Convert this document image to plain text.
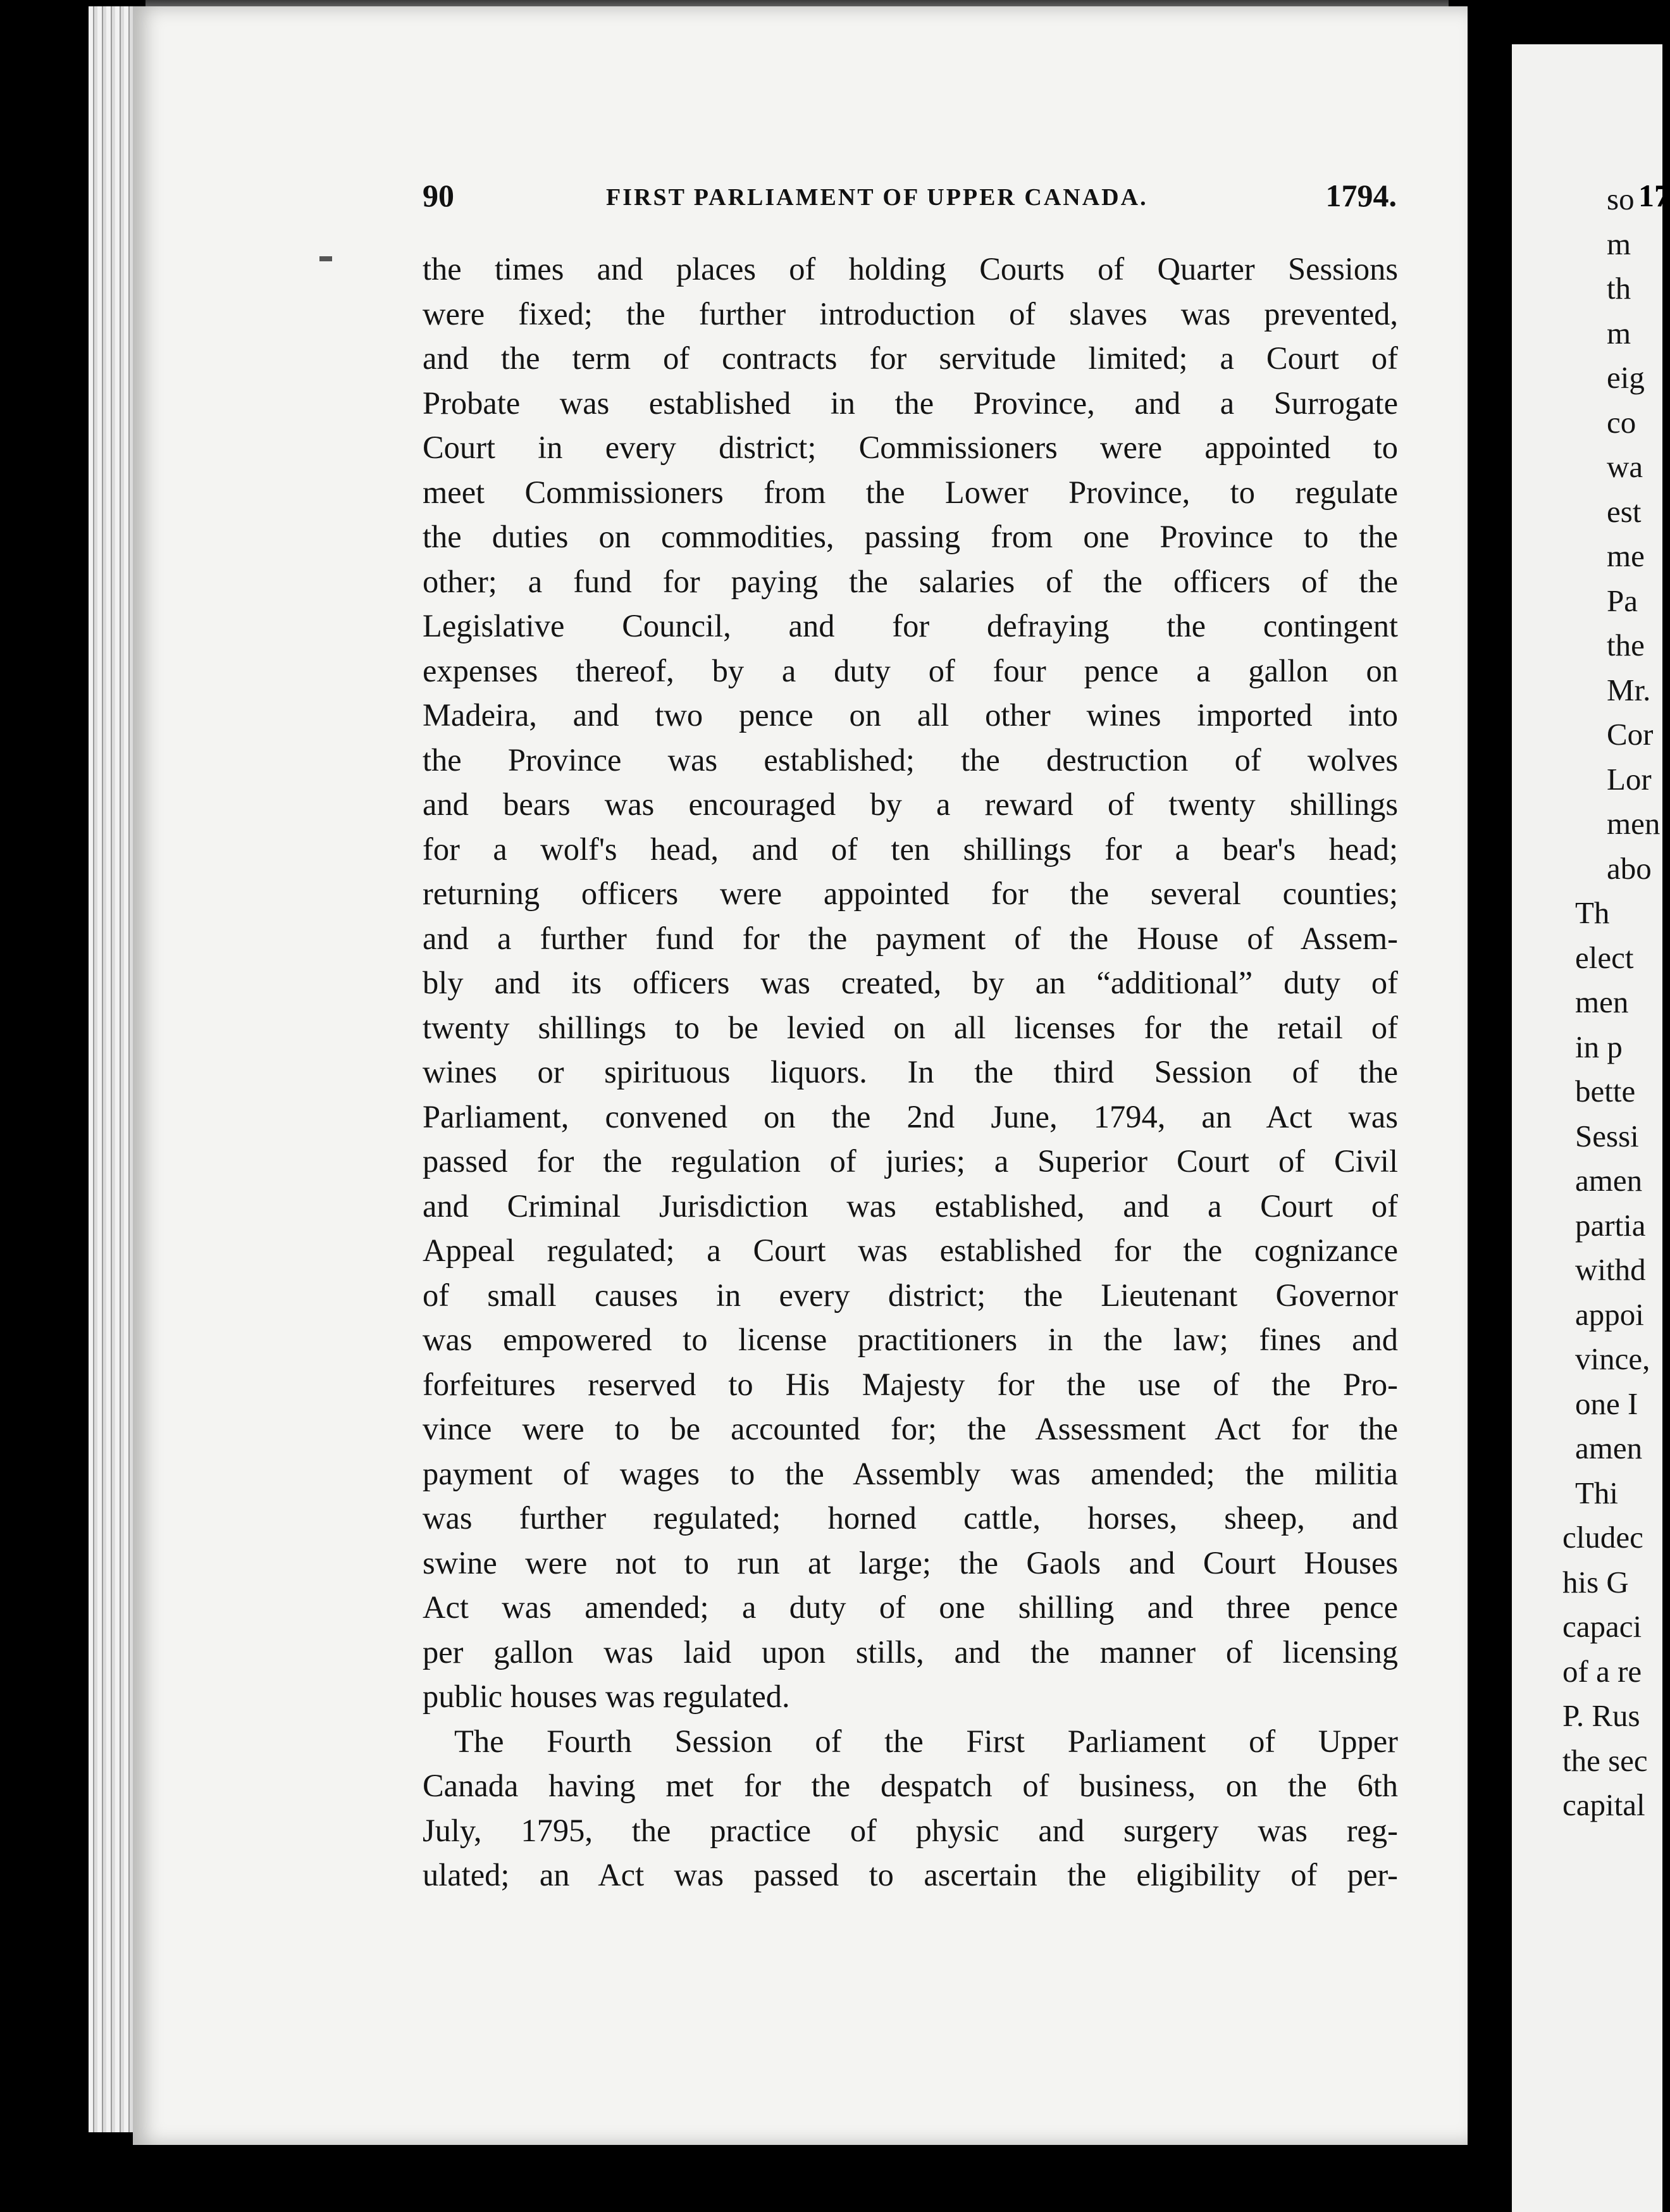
90	FIRST PARLIAMENT OF UPPER CANADA.	1794.
the times and places of holding Courts of Quarter Sessions
were fixed; the further introduction of slaves was prevented,
and the term of contracts for servitude limited; a Court of
Probate was established in the Province, and a Surrogate
Court in every district; Commissioners were appointed to
meet Commissioners from the Lower Province, to regulate
the duties on commodities, passing from one Province to the
other; a fund for paying the salaries of the officers of the
Legislative Council, and for defraying the contingent
expenses thereof, by a duty of four pence a gallon on
Madeira, and two pence on all other wines imported into
the Province was established; the destruction of wolves
and bears was encouraged by a reward of twenty shillings
for a wolf's head, and of ten shillings for a bear's head;
returning officers were appointed for the several counties;
and a further fund for the payment of the House of Assem-
bly and its officers was created, by an “additional” duty of
twenty shillings to be levied on all licenses for the retail of
wines or spirituous liquors. In the third Session of the
Parliament, convened on the 2nd June, 1794, an Act was
passed for the regulation of juries; a Superior Court of Civil
and Criminal Jurisdiction was established, and a Court of
Appeal regulated; a Court was established for the cognizance
of small causes in every district; the Lieutenant Governor
was empowered to license practitioners in the law; fines and
forfeitures reserved to His Majesty for the use of the Pro-
vince were to be accounted for; the Assessment Act for the
payment of wages to the Assembly was amended; the militia
was further regulated; horned cattle, horses, sheep, and
swine were not to run at large; the Gaols and Court Houses
Act was amended; a duty of one shilling and three pence
per gallon was laid upon stills, and the manner of licensing
public houses was regulated.
The Fourth Session of the First Parliament of Upper
Canada having met for the despatch of business, on the 6th
July, 1795, the practice of physic and surgery was reg-
ulated; an Act was passed to ascertain the eligibility of per-
17
so
m
th
m
eig
co
wa
est
me
Pa
the
Mr.
Cor
Lor
men
abo
Th
elect
men
in p
bette
Sessi
amen
partia
withd
appoi
vince,
one I
amen
Thi
cludec
his G
capaci
of a re
P. Rus
the sec
capital
